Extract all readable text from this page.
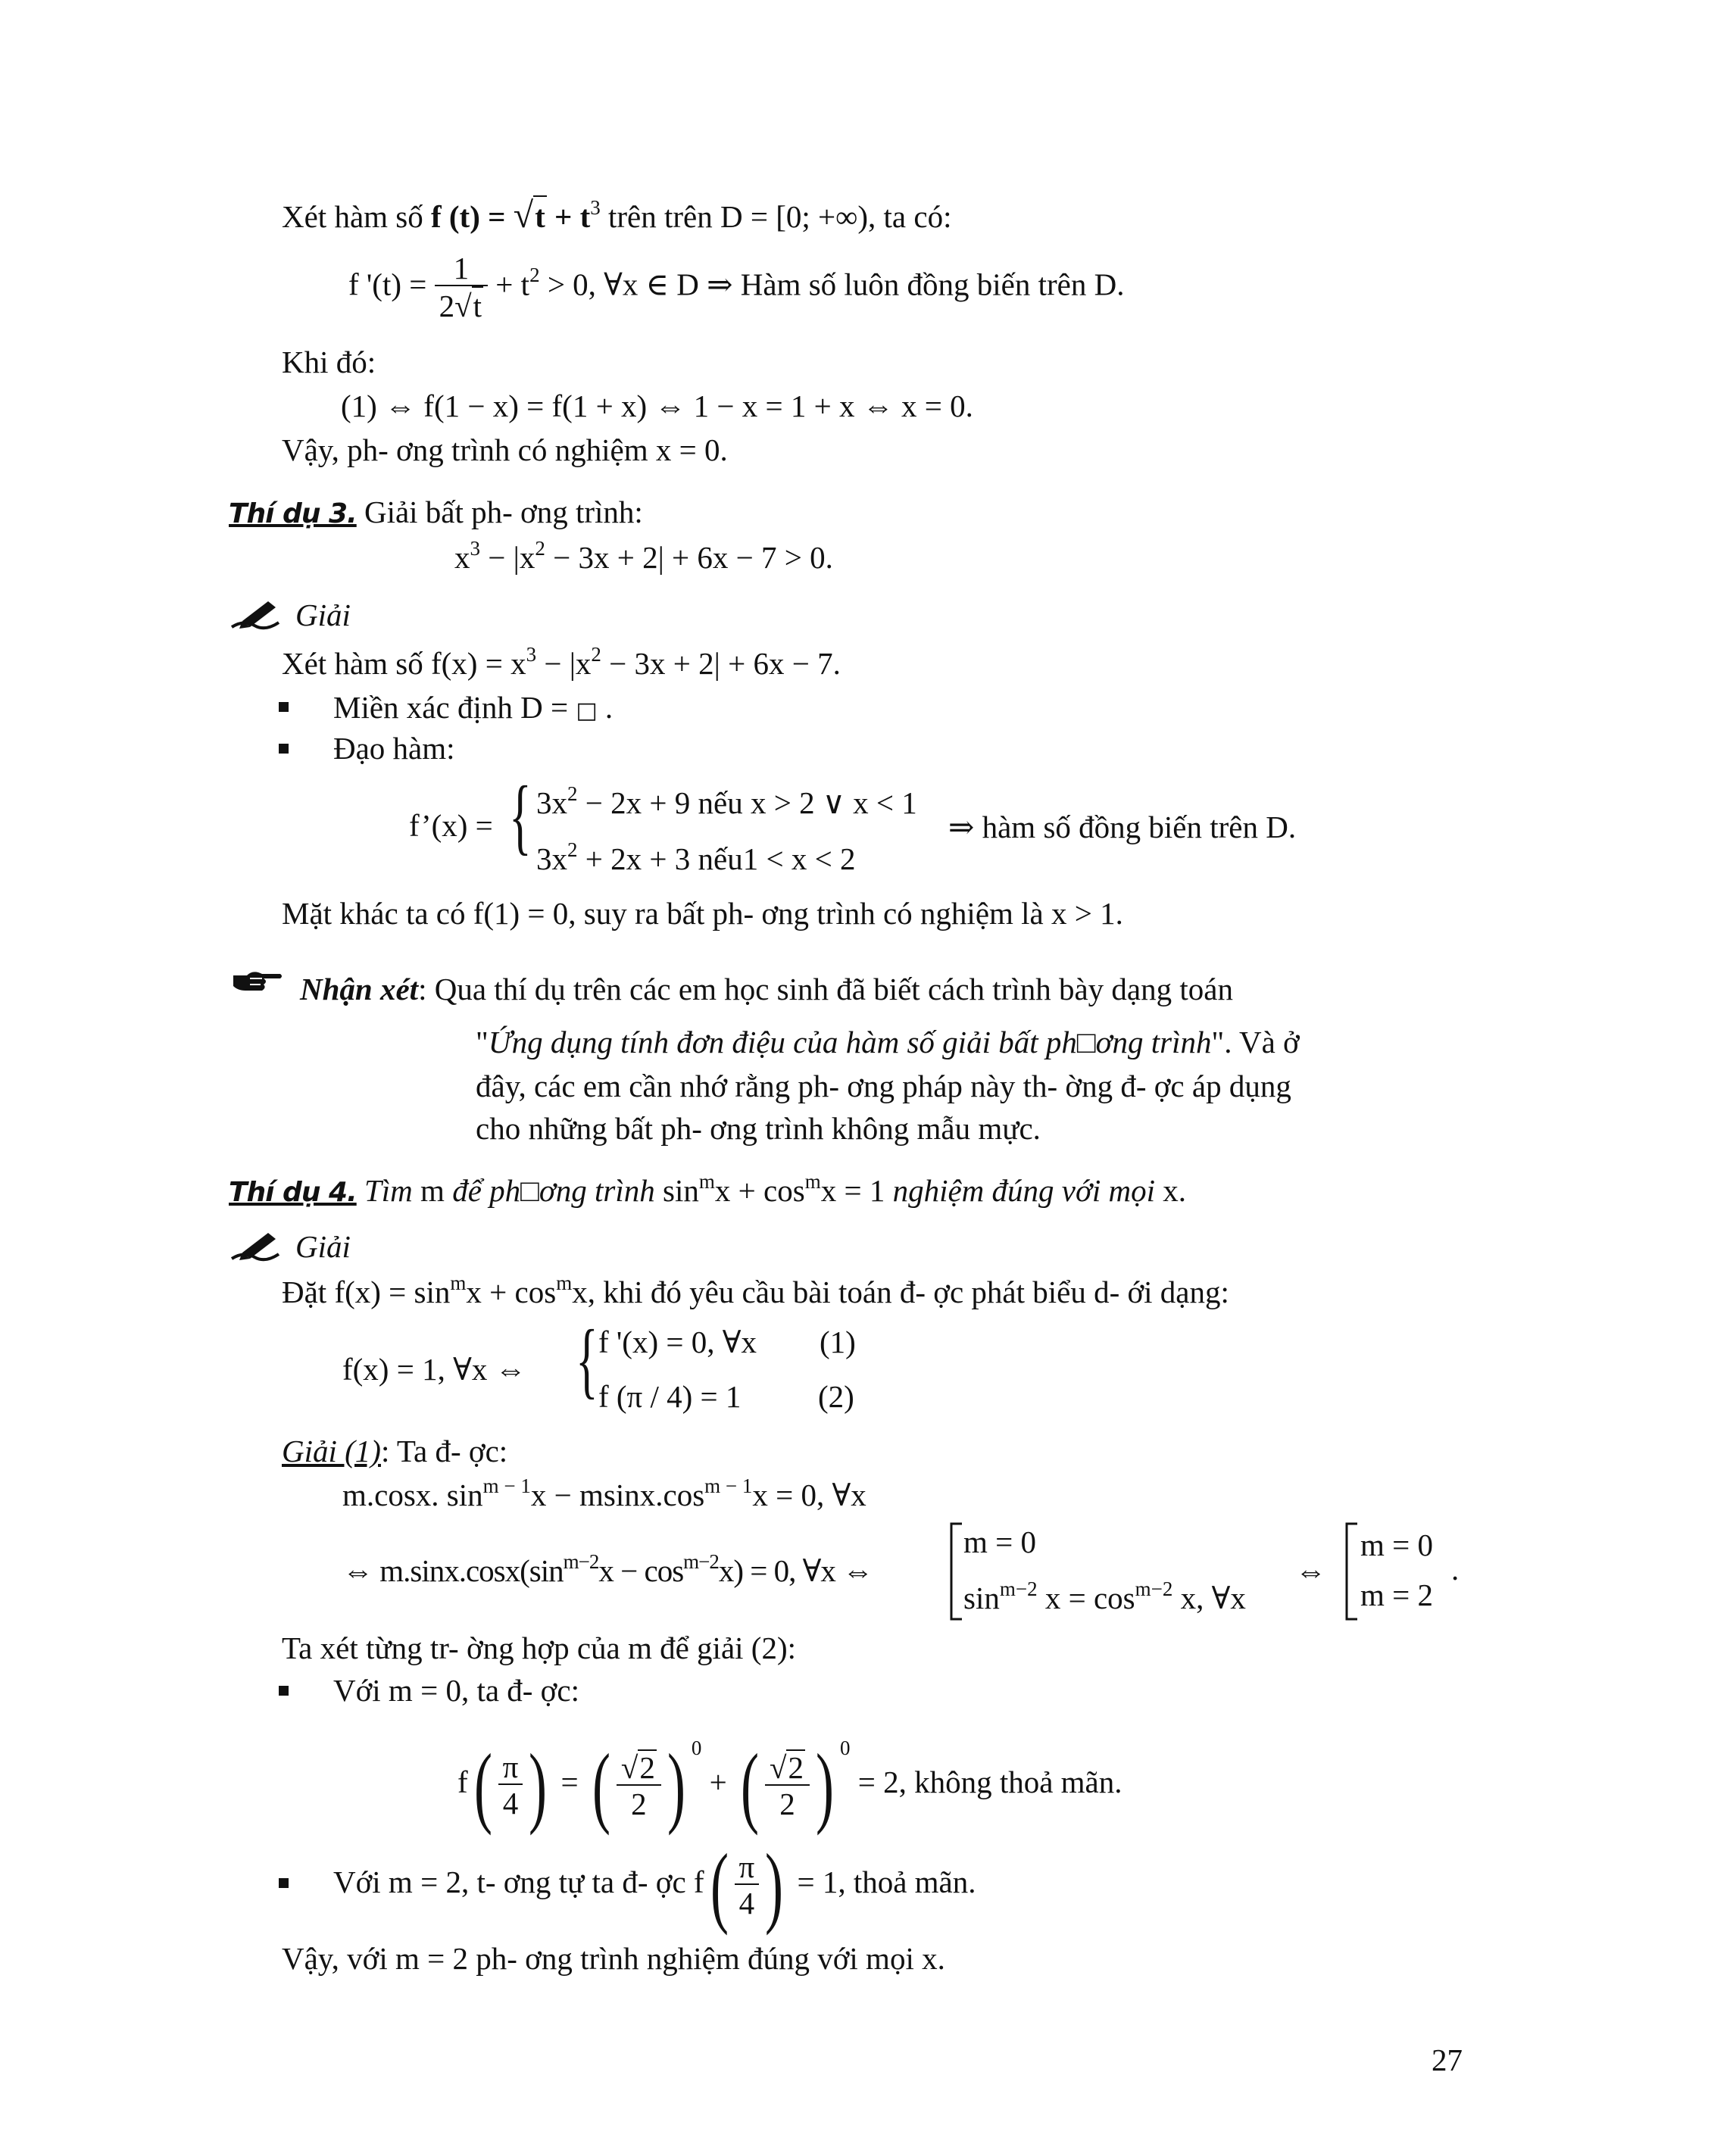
Xét hàm số f $(t) = √t + t^3$ trên trên D = [0; +∞), ta có:
f '$(t) = \frac{1}{2√t} + t^2 > 0$, ∀x ∈ D ⇒ Hàm số luôn đồng biến trên D.
Khi đó:
(1) ⇔ f(1 − x) = f(1 + x) ⇔ 1 − x = 1 + x ⇔ x = 0.
Vậy, ph- ơng trình có nghiệm x = 0.
Thí dụ 3. Giải bất ph- ơng trình:
$x^3 - |x^2 - 3x + 2| + 6x - 7 > 0$.
Giải
Xét hàm số $f(x) = x^3 - |x^2 - 3x + 2| + 6x - 7$.
Miền xác định D = □ .
Đạo hàm:
f’(x) = { $3x^2 - 2x + 9$ nếu x > 2 ∨ x < 1
$3x^2 + 2x + 3$ nếu1 < x < 2
⇒ hàm số đồng biến trên D.
Mặt khác ta có f(1) = 0, suy ra bất ph- ơng trình có nghiệm là x > 1.
Nhận xét: Qua thí dụ trên các em học sinh đã biết cách trình bày dạng toán
"Ứng dụng tính đơn điệu của hàm số giải bất ph□ơng trình". Và ở
đây, các em cần nhớ rằng ph- ơng pháp này th- ờng đ- ợc áp dụng
cho những bất ph- ơng trình không mẫu mực.
Thí dụ 4. Tìm m để ph□ơng trình $\sin^mx + \cos^mx = 1$ nghiệm đúng với mọi x.
Giải
Đặt $f(x) = \sin^mx + \cos^mx$, khi đó yêu cầu bài toán đ- ợc phát biểu d- ới dạng:
f(x) = 1, ∀x ⇔ { f '(x) = 0, ∀x (1)
f (π / 4) = 1 (2)
Giải (1): Ta đ- ợc:
m.cosx. $\sin^{m - 1}x - msinx.\cos^{m - 1}x = 0$, ∀x
⇔ $m.\sin x.\cos x(\sin^{m-2}x - \cos^{m-2}x) = 0$, ∀x ⇔
m = 0
$\sin^{m-2} x = \cos^{m-2} x$, ∀x
⇔
m = 0
m = 2
.
Ta xét từng tr- ờng hợp của m để giải (2):
Với m = 0, ta đ- ợc:
$f( \frac{\pi}{4}$ ) = ( $\frac{√2}{2}$ ) $^0$ + ( $\frac{√2}{2}$ ) $^0$ = 2, không thoả mãn.
Với m = 2, t- ơng tự ta đ- ợc $f( \frac{\pi}{4}$ ) = 1, thoả mãn.
Vậy, với m = 2 ph- ơng trình nghiệm đúng với mọi x.
27
